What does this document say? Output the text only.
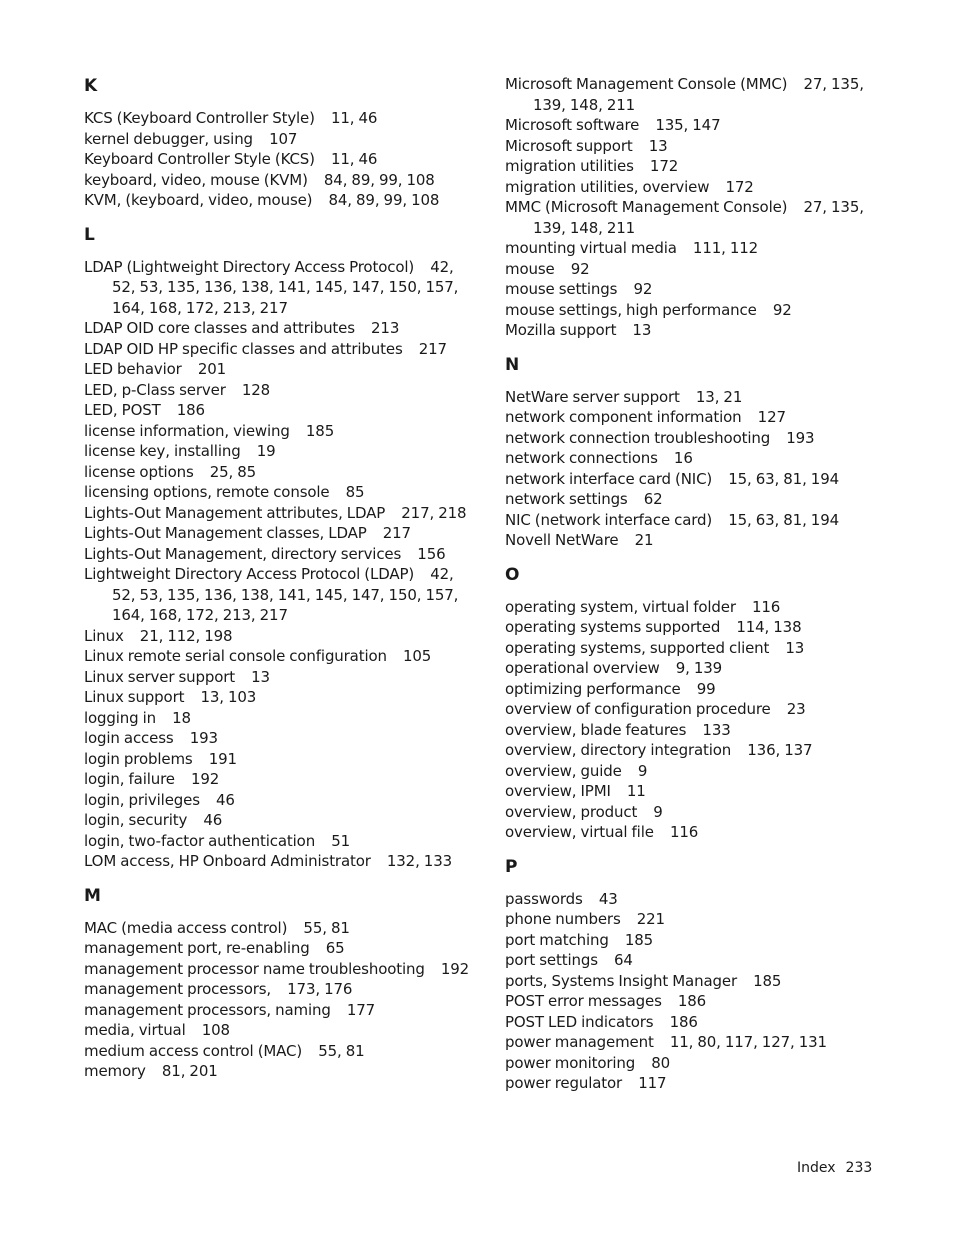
K
KCS (Keyboard Controller Style) 11, 46
kernel debugger, using 107
Keyboard Controller Style (KCS) 11, 46
keyboard, video, mouse (KVM) 84, 89, 99, 108
KVM, (keyboard, video, mouse) 84, 89, 99, 108
L
LDAP (Lightweight Directory Access Protocol) 42, 52, 53, 135, 136, 138, 141, 145, 147, 150, 157, 164, 168, 172, 213, 217
LDAP OID core classes and attributes 213
LDAP OID HP specific classes and attributes 217
LED behavior 201
LED, p-Class server 128
LED, POST 186
license information, viewing 185
license key, installing 19
license options 25, 85
licensing options, remote console 85
Lights-Out Management attributes, LDAP 217, 218
Lights-Out Management classes, LDAP 217
Lights-Out Management, directory services 156
Lightweight Directory Access Protocol (LDAP) 42, 52, 53, 135, 136, 138, 141, 145, 147, 150, 157, 164, 168, 172, 213, 217
Linux 21, 112, 198
Linux remote serial console configuration 105
Linux server support 13
Linux support 13, 103
logging in 18
login access 193
login problems 191
login, failure 192
login, privileges 46
login, security 46
login, two-factor authentication 51
LOM access, HP Onboard Administrator 132, 133
M
MAC (media access control) 55, 81
management port, re-enabling 65
management processor name troubleshooting 192
management processors, 173, 176
management processors, naming 177
media, virtual 108
medium access control (MAC) 55, 81
memory 81, 201
Microsoft Management Console (MMC) 27, 135, 139, 148, 211
Microsoft software 135, 147
Microsoft support 13
migration utilities 172
migration utilities, overview 172
MMC (Microsoft Management Console) 27, 135, 139, 148, 211
mounting virtual media 111, 112
mouse 92
mouse settings 92
mouse settings, high performance 92
Mozilla support 13
N
NetWare server support 13, 21
network component information 127
network connection troubleshooting 193
network connections 16
network interface card (NIC) 15, 63, 81, 194
network settings 62
NIC (network interface card) 15, 63, 81, 194
Novell NetWare 21
O
operating system, virtual folder 116
operating systems supported 114, 138
operating systems, supported client 13
operational overview 9, 139
optimizing performance 99
overview of configuration procedure 23
overview, blade features 133
overview, directory integration 136, 137
overview, guide 9
overview, IPMI 11
overview, product 9
overview, virtual file 116
P
passwords 43
phone numbers 221
port matching 185
port settings 64
ports, Systems Insight Manager 185
POST error messages 186
POST LED indicators 186
power management 11, 80, 117, 127, 131
power monitoring 80
power regulator 117
Index 233
